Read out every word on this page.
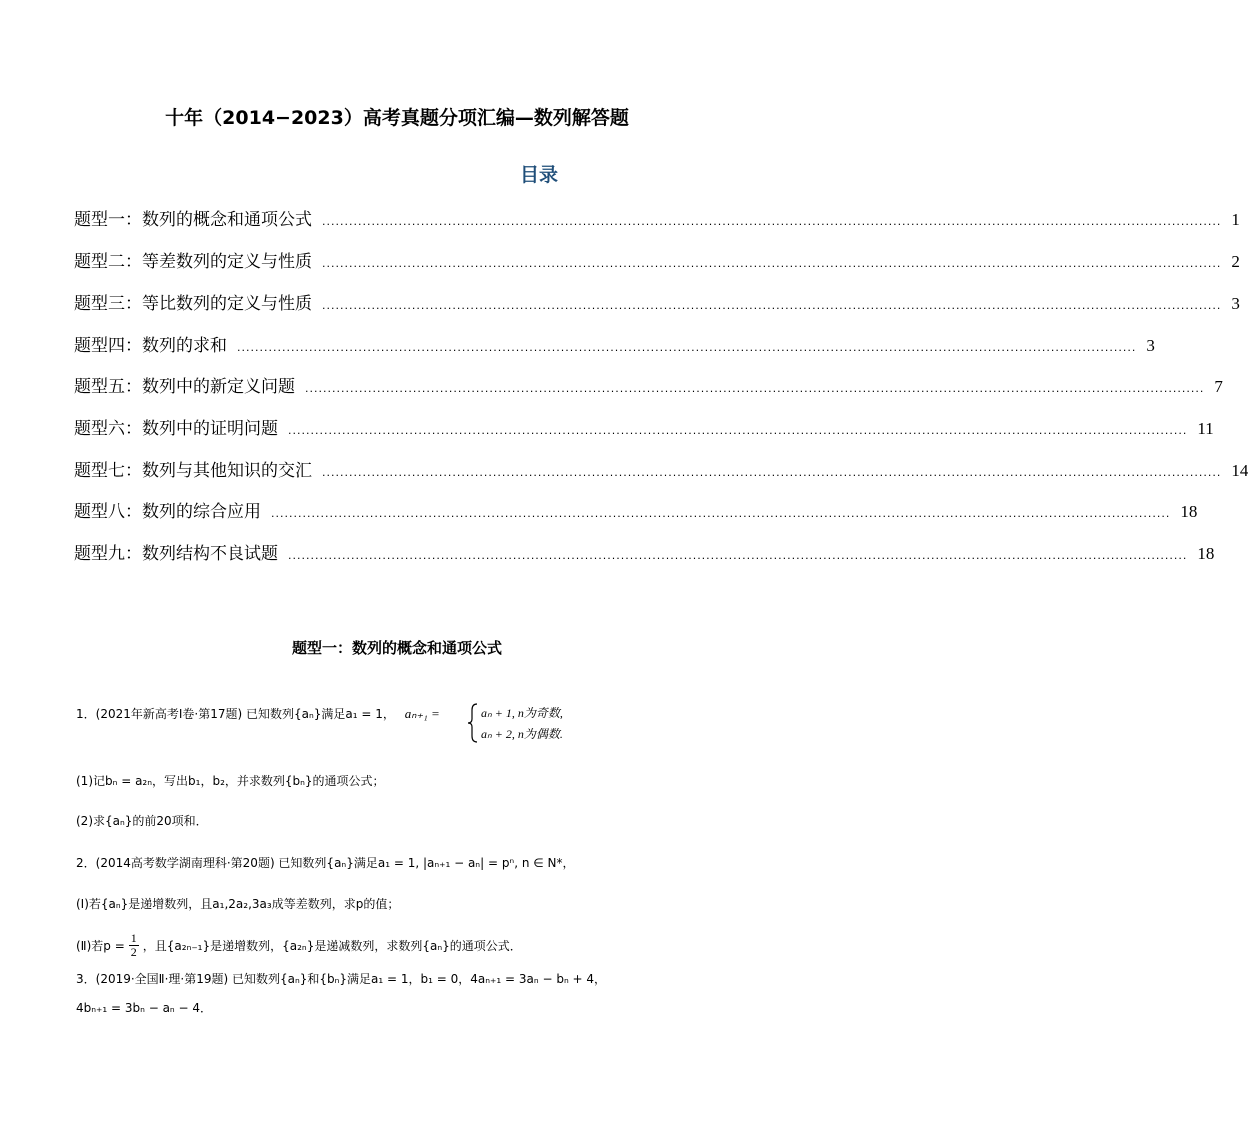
十年（2014−2023）高考真题分项汇编—数列解答题
目录
题型一：数列的概念和通项公式 ........................................................................................................................................................................................................ 1
题型二：等差数列的定义与性质 ........................................................................................................................................................................................................ 2
题型三：等比数列的定义与性质 ........................................................................................................................................................................................................ 3
题型四：数列的求和 ........................................................................................................................................................................................................ 3
题型五：数列中的新定义问题 ........................................................................................................................................................................................................ 7
题型六：数列中的证明问题 ........................................................................................................................................................................................................ 11
题型七：数列与其他知识的交汇 ........................................................................................................................................................................................................ 14
题型八：数列的综合应用 ........................................................................................................................................................................................................ 18
题型九：数列结构不良试题 ........................................................................................................................................................................................................ 18
题型一：数列的概念和通项公式
1．(2021年新高考Ⅰ卷·第17题) 已知数列{aₙ}满足a₁ = 1， aₙ₊₁ =	aₙ + 1, n为奇数,
aₙ + 2, n为偶数.
(1)记bₙ = a₂ₙ，写出b₁，b₂，并求数列{bₙ}的通项公式；
(2)求{aₙ}的前20项和．
2．(2014高考数学湖南理科·第20题) 已知数列{aₙ}满足a₁ = 1, |aₙ₊₁ − aₙ| = pⁿ, n ∈ N*，
(Ⅰ)若{aₙ}是递增数列，且a₁,2a₂,3a₃成等差数列，求p的值；
(Ⅱ)若p =
1
2 ，且{a₂ₙ₋₁}是递增数列，{a₂ₙ}是递减数列，求数列{aₙ}的通项公式．
3．(2019·全国Ⅱ·理·第19题) 已知数列{aₙ}和{bₙ}满足a₁ = 1，b₁ = 0，4aₙ₊₁ = 3aₙ − bₙ + 4，
4bₙ₊₁ = 3bₙ − aₙ − 4．
